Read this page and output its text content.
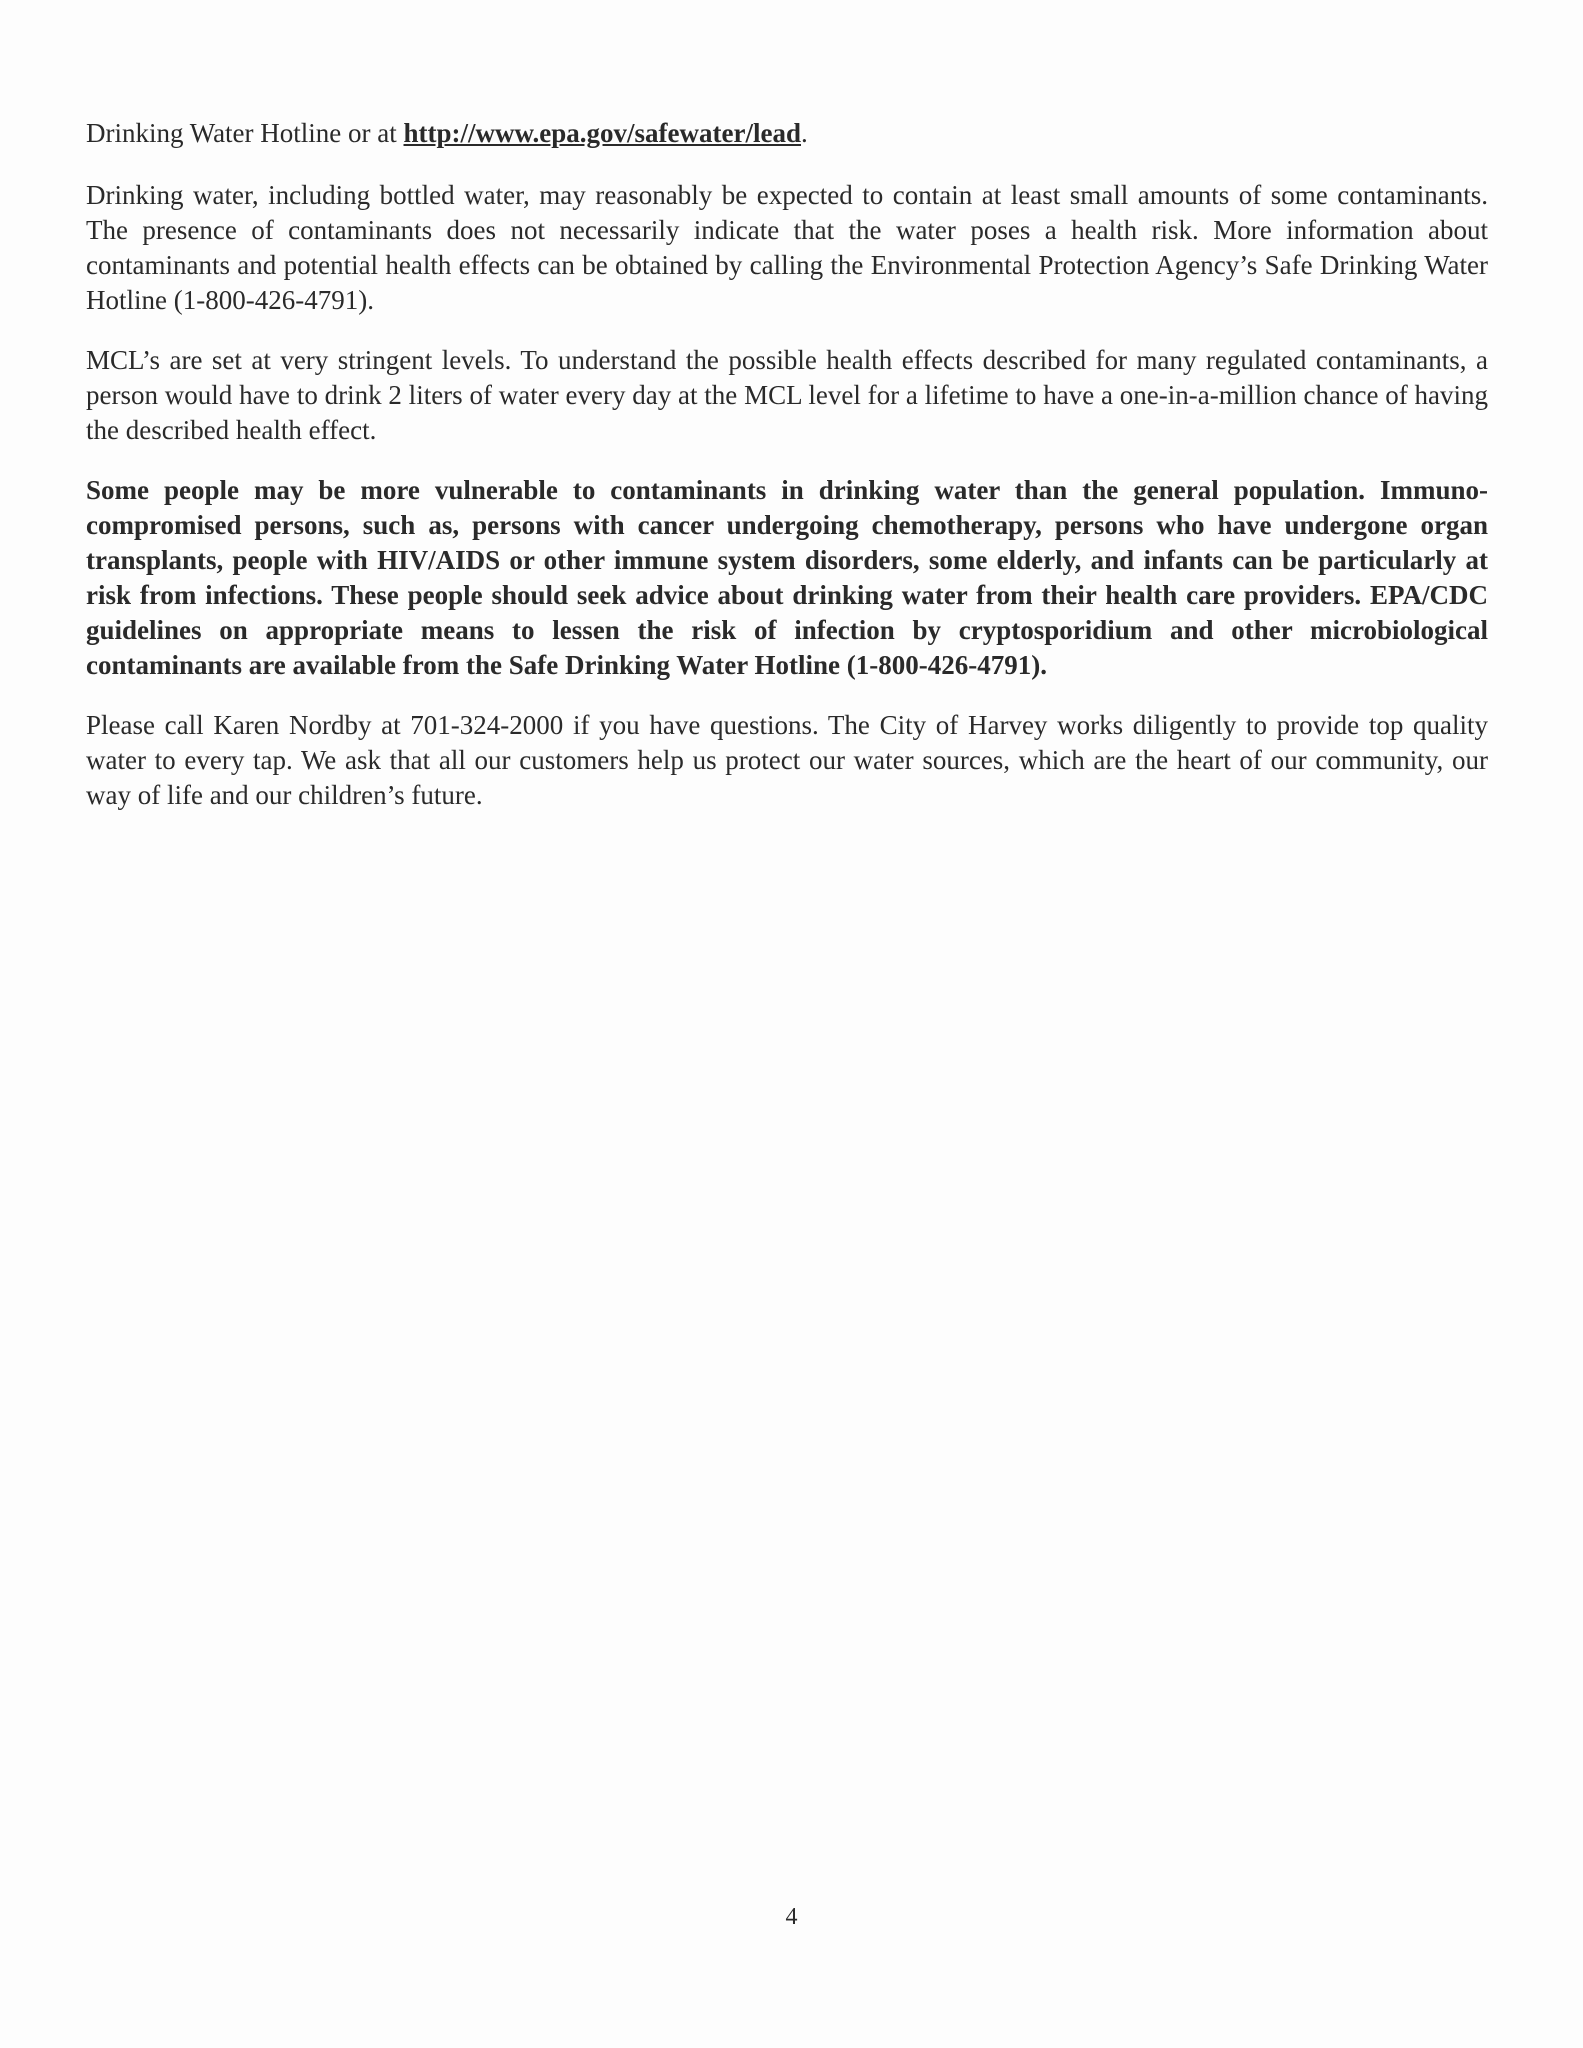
Drinking Water Hotline or at http://www.epa.gov/safewater/lead.

Drinking water, including bottled water, may reasonably be expected to contain at least small amounts of some contaminants. The presence of contaminants does not necessarily indicate that the water poses a health risk. More information about contaminants and potential health effects can be obtained by calling the Environmental Protection Agency’s Safe Drinking Water Hotline (1-800-426-4791).

MCL’s are set at very stringent levels. To understand the possible health effects described for many regulated contaminants, a person would have to drink 2 liters of water every day at the MCL level for a lifetime to have a one-in-a-million chance of having the described health effect.

Some people may be more vulnerable to contaminants in drinking water than the general population. Immuno-compromised persons, such as, persons with cancer undergoing chemotherapy, persons who have undergone organ transplants, people with HIV/AIDS or other immune system disorders, some elderly, and infants can be particularly at risk from infections. These people should seek advice about drinking water from their health care providers. EPA/CDC guidelines on appropriate means to lessen the risk of infection by cryptosporidium and other microbiological contaminants are available from the Safe Drinking Water Hotline (1-800-426-4791).

Please call Karen Nordby at 701-324-2000 if you have questions. The City of Harvey works diligently to provide top quality water to every tap. We ask that all our customers help us protect our water sources, which are the heart of our community, our way of life and our children’s future.

4
